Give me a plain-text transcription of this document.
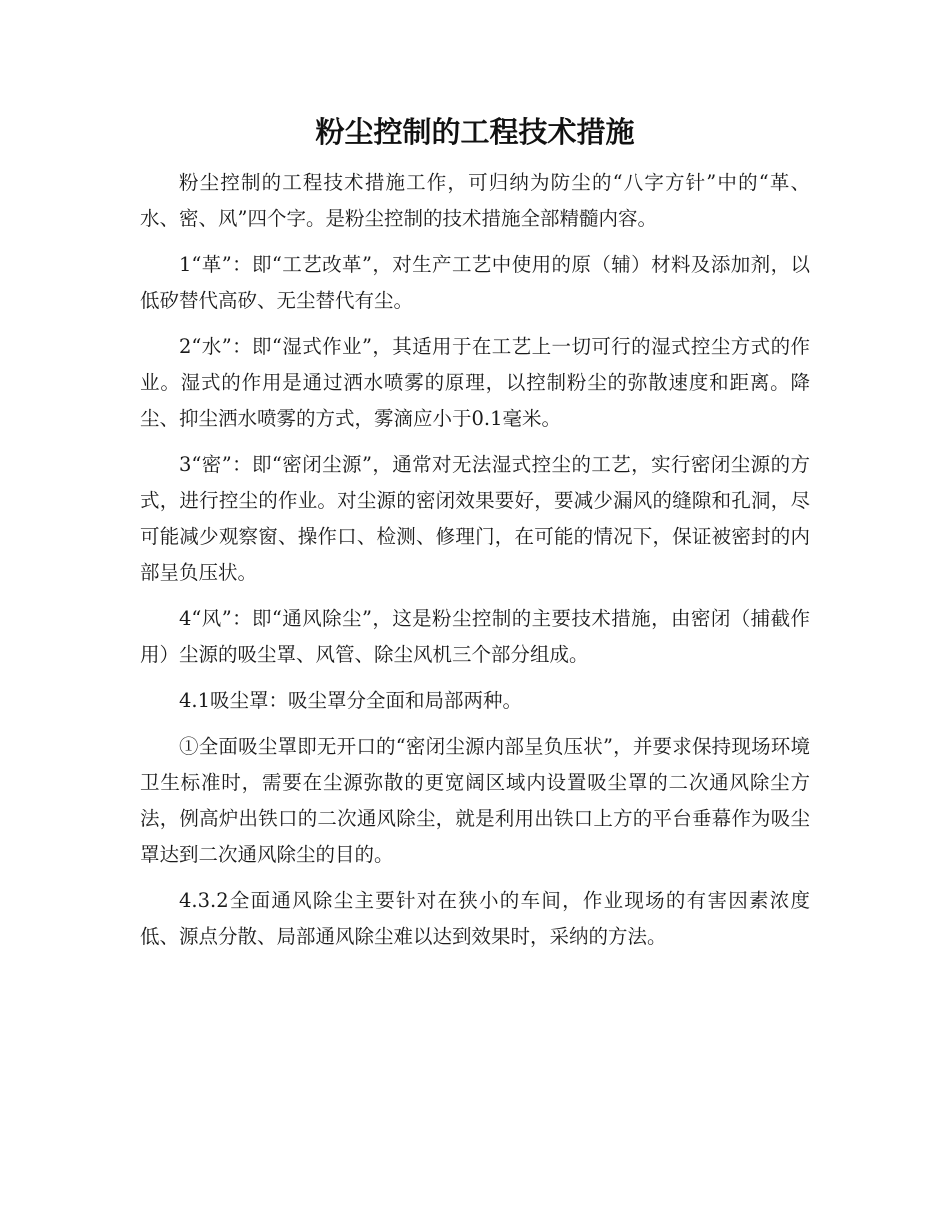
粉尘控制的工程技术措施

粉尘控制的工程技术措施工作，可归纳为防尘的“八字方针”中的“革、水、密、风”四个字。是粉尘控制的技术措施全部精髓内容。

1“革”：即“工艺改革”，对生产工艺中使用的原（辅）材料及添加剂，以低矽替代高矽、无尘替代有尘。

2“水”：即“湿式作业”，其适用于在工艺上一切可行的湿式控尘方式的作业。湿式的作用是通过洒水喷雾的原理，以控制粉尘的弥散速度和距离。降尘、抑尘洒水喷雾的方式，雾滴应小于0.1毫米。

3“密”：即“密闭尘源”，通常对无法湿式控尘的工艺，实行密闭尘源的方式，进行控尘的作业。对尘源的密闭效果要好，要减少漏风的缝隙和孔洞，尽可能减少观察窗、操作口、检测、修理门，在可能的情况下，保证被密封的内部呈负压状。

4“风”：即“通风除尘”，这是粉尘控制的主要技术措施，由密闭（捕截作用）尘源的吸尘罩、风管、除尘风机三个部分组成。

4.1吸尘罩：吸尘罩分全面和局部两种。

①全面吸尘罩即无开口的“密闭尘源内部呈负压状”，并要求保持现场环境卫生标准时，需要在尘源弥散的更宽阔区域内设置吸尘罩的二次通风除尘方法，例高炉出铁口的二次通风除尘，就是利用出铁口上方的平台垂幕作为吸尘罩达到二次通风除尘的目的。

4.3.2全面通风除尘主要针对在狭小的车间，作业现场的有害因素浓度低、源点分散、局部通风除尘难以达到效果时，采纳的方法。
